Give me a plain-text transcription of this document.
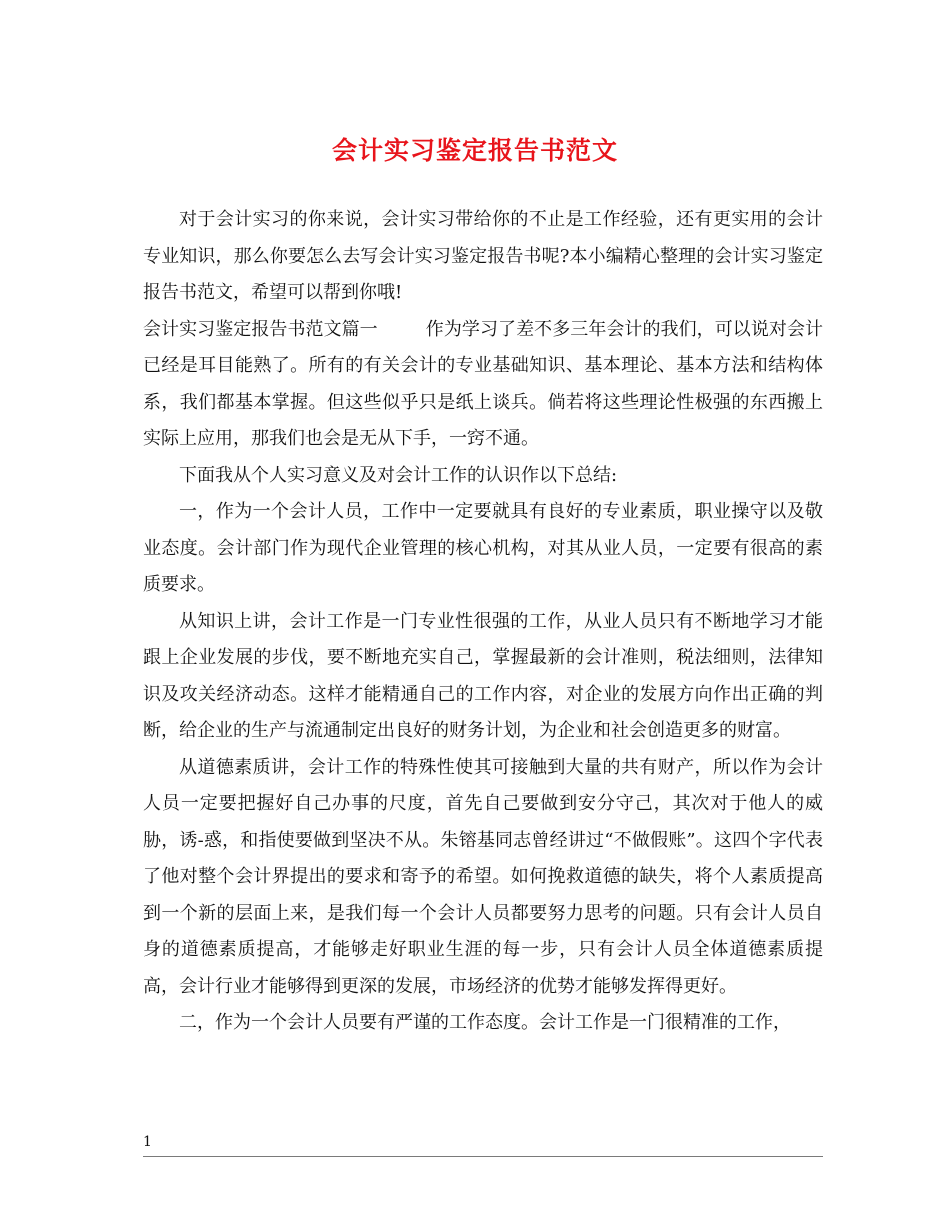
会计实习鉴定报告书范文

对于会计实习的你来说，会计实习带给你的不止是工作经验，还有更实用的会计专业知识，那么你要怎么去写会计实习鉴定报告书呢?本小编精心整理的会计实习鉴定报告书范文，希望可以帮到你哦!

会计实习鉴定报告书范文篇一	作为学习了差不多三年会计的我们，可以说对会计已经是耳目能熟了。所有的有关会计的专业基础知识、基本理论、基本方法和结构体系，我们都基本掌握。但这些似乎只是纸上谈兵。倘若将这些理论性极强的东西搬上实际上应用，那我们也会是无从下手，一窍不通。

下面我从个人实习意义及对会计工作的认识作以下总结:

一，作为一个会计人员，工作中一定要就具有良好的专业素质，职业操守以及敬业态度。会计部门作为现代企业管理的核心机构，对其从业人员，一定要有很高的素质要求。

从知识上讲，会计工作是一门专业性很强的工作，从业人员只有不断地学习才能跟上企业发展的步伐，要不断地充实自己，掌握最新的会计准则，税法细则，法律知识及攻关经济动态。这样才能精通自己的工作内容，对企业的发展方向作出正确的判断，给企业的生产与流通制定出良好的财务计划，为企业和社会创造更多的财富。

从道德素质讲，会计工作的特殊性使其可接触到大量的共有财产，所以作为会计人员一定要把握好自己办事的尺度，首先自己要做到安分守己，其次对于他人的威胁，诱-惑，和指使要做到坚决不从。朱镕基同志曾经讲过“不做假账”。这四个字代表了他对整个会计界提出的要求和寄予的希望。如何挽救道德的缺失，将个人素质提高到一个新的层面上来，是我们每一个会计人员都要努力思考的问题。只有会计人员自身的道德素质提高，才能够走好职业生涯的每一步，只有会计人员全体道德素质提高，会计行业才能够得到更深的发展，市场经济的优势才能够发挥得更好。

二，作为一个会计人员要有严谨的工作态度。会计工作是一门很精准的工作，

1
